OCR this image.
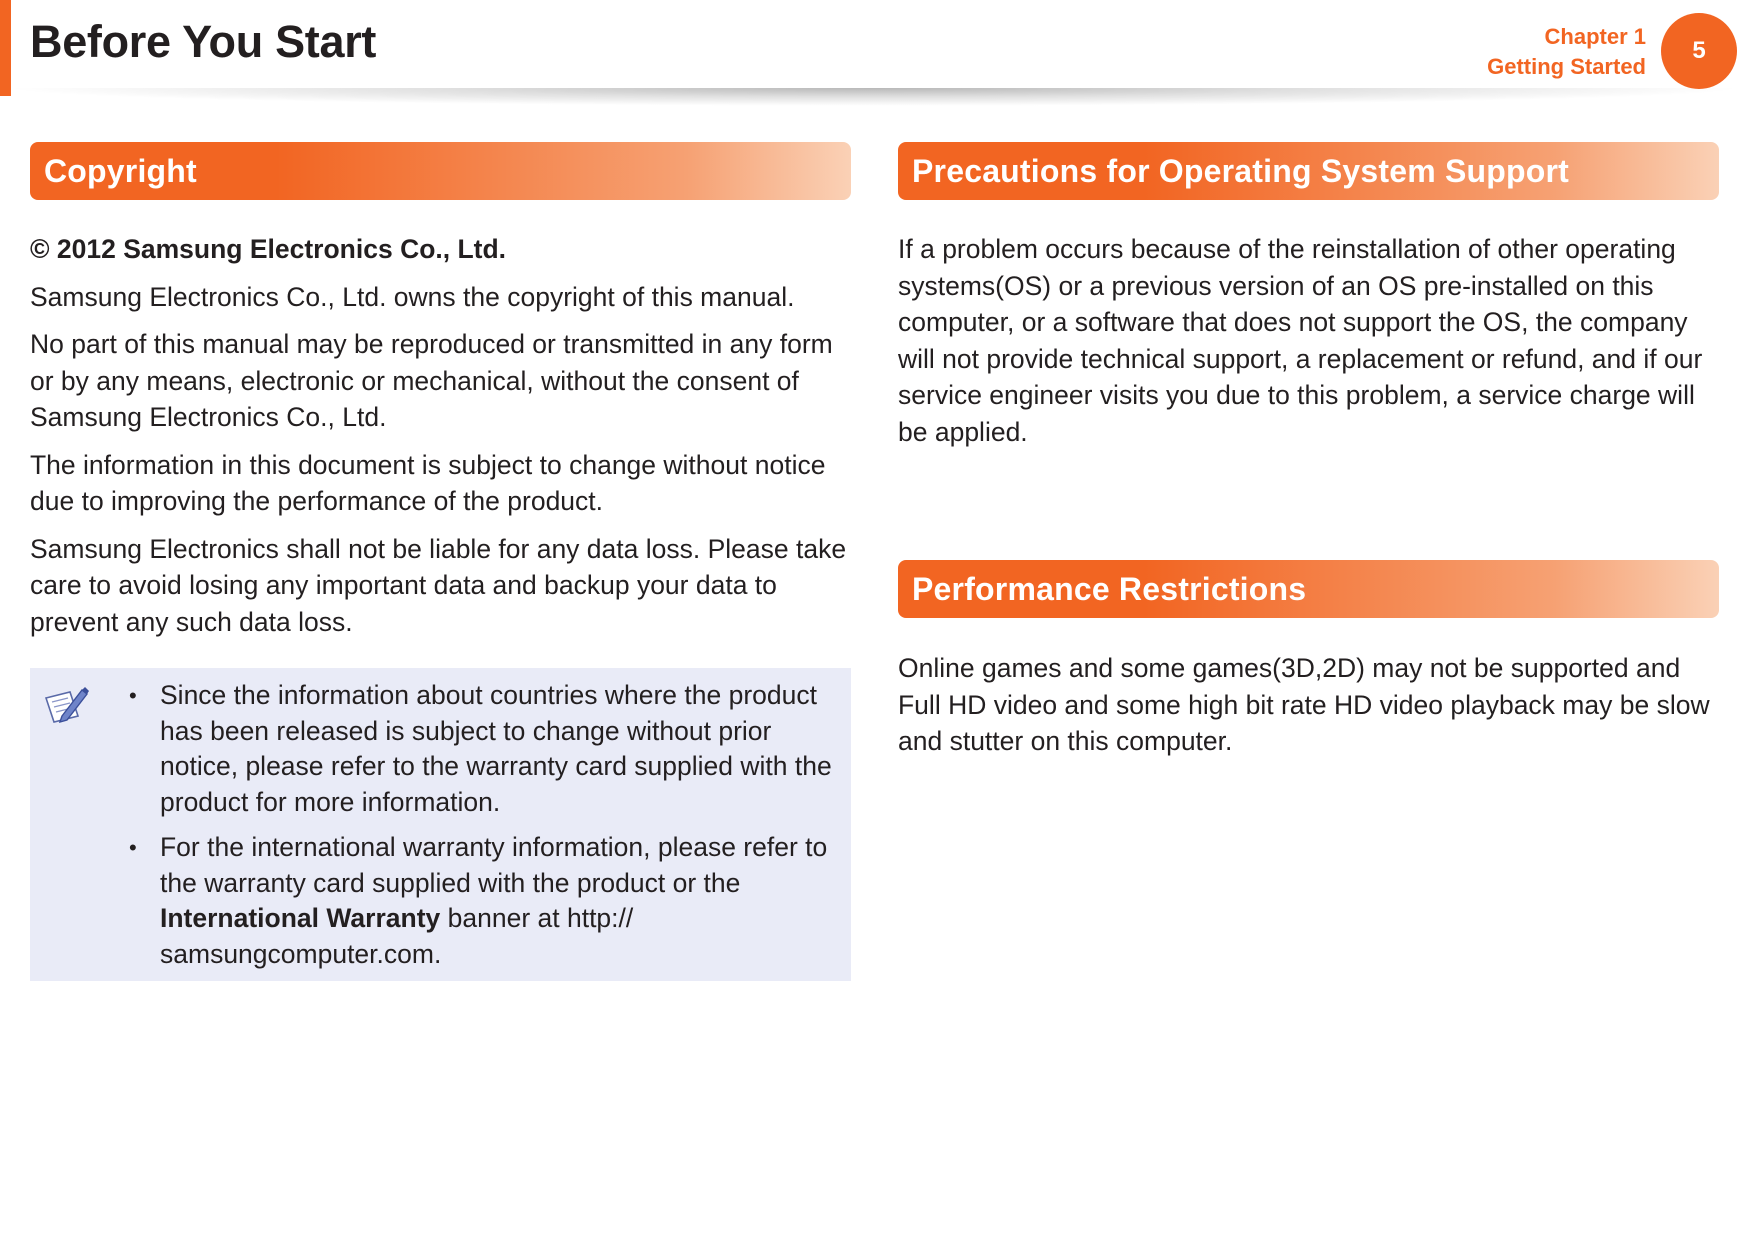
Before You Start	Chapter 1
Getting Started
5
Copyright

© 2012 Samsung Electronics Co., Ltd.

Samsung Electronics Co., Ltd. owns the copyright of this manual.

No part of this manual may be reproduced or transmitted in any form or by any means, electronic or mechanical, without the consent of Samsung Electronics Co., Ltd.

The information in this document is subject to change without notice due to improving the performance of the product.

Samsung Electronics shall not be liable for any data loss. Please take care to avoid losing any important data and backup your data to prevent any such data loss.

• Since the information about countries where the product has been released is subject to change without prior notice, please refer to the warranty card supplied with the product for more information.
• For the international warranty information, please refer to the warranty card supplied with the product or the International Warranty banner at http:// samsungcomputer.com.
Precautions for Operating System Support

If a problem occurs because of the reinstallation of other operating systems(OS) or a previous version of an OS pre-installed on this computer, or a software that does not support the OS, the company will not provide technical support, a replacement or refund, and if our service engineer visits you due to this problem, a service charge will be applied.

Performance Restrictions

Online games and some games(3D,2D) may not be supported and Full HD video and some high bit rate HD video playback may be slow and stutter on this computer.
